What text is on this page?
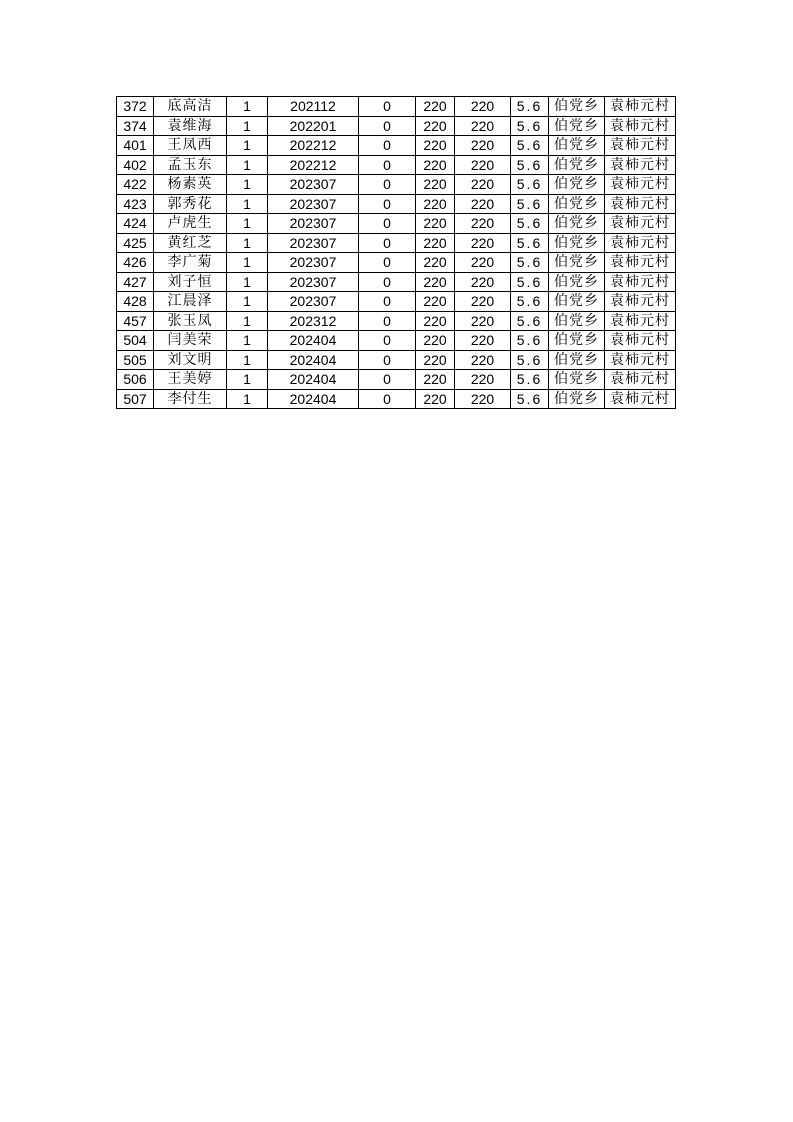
372	底高洁	1	202112	0	220	220	5.6	伯党乡	袁柿元村
374	袁维海	1	202201	0	220	220	5.6	伯党乡	袁柿元村
401	王凤西	1	202212	0	220	220	5.6	伯党乡	袁柿元村
402	孟玉东	1	202212	0	220	220	5.6	伯党乡	袁柿元村
422	杨素英	1	202307	0	220	220	5.6	伯党乡	袁柿元村
423	郭秀花	1	202307	0	220	220	5.6	伯党乡	袁柿元村
424	卢虎生	1	202307	0	220	220	5.6	伯党乡	袁柿元村
425	黄红芝	1	202307	0	220	220	5.6	伯党乡	袁柿元村
426	李广菊	1	202307	0	220	220	5.6	伯党乡	袁柿元村
427	刘子恒	1	202307	0	220	220	5.6	伯党乡	袁柿元村
428	江晨泽	1	202307	0	220	220	5.6	伯党乡	袁柿元村
457	张玉凤	1	202312	0	220	220	5.6	伯党乡	袁柿元村
504	闫美荣	1	202404	0	220	220	5.6	伯党乡	袁柿元村
505	刘文明	1	202404	0	220	220	5.6	伯党乡	袁柿元村
506	王美婷	1	202404	0	220	220	5.6	伯党乡	袁柿元村
507	李付生	1	202404	0	220	220	5.6	伯党乡	袁柿元村
